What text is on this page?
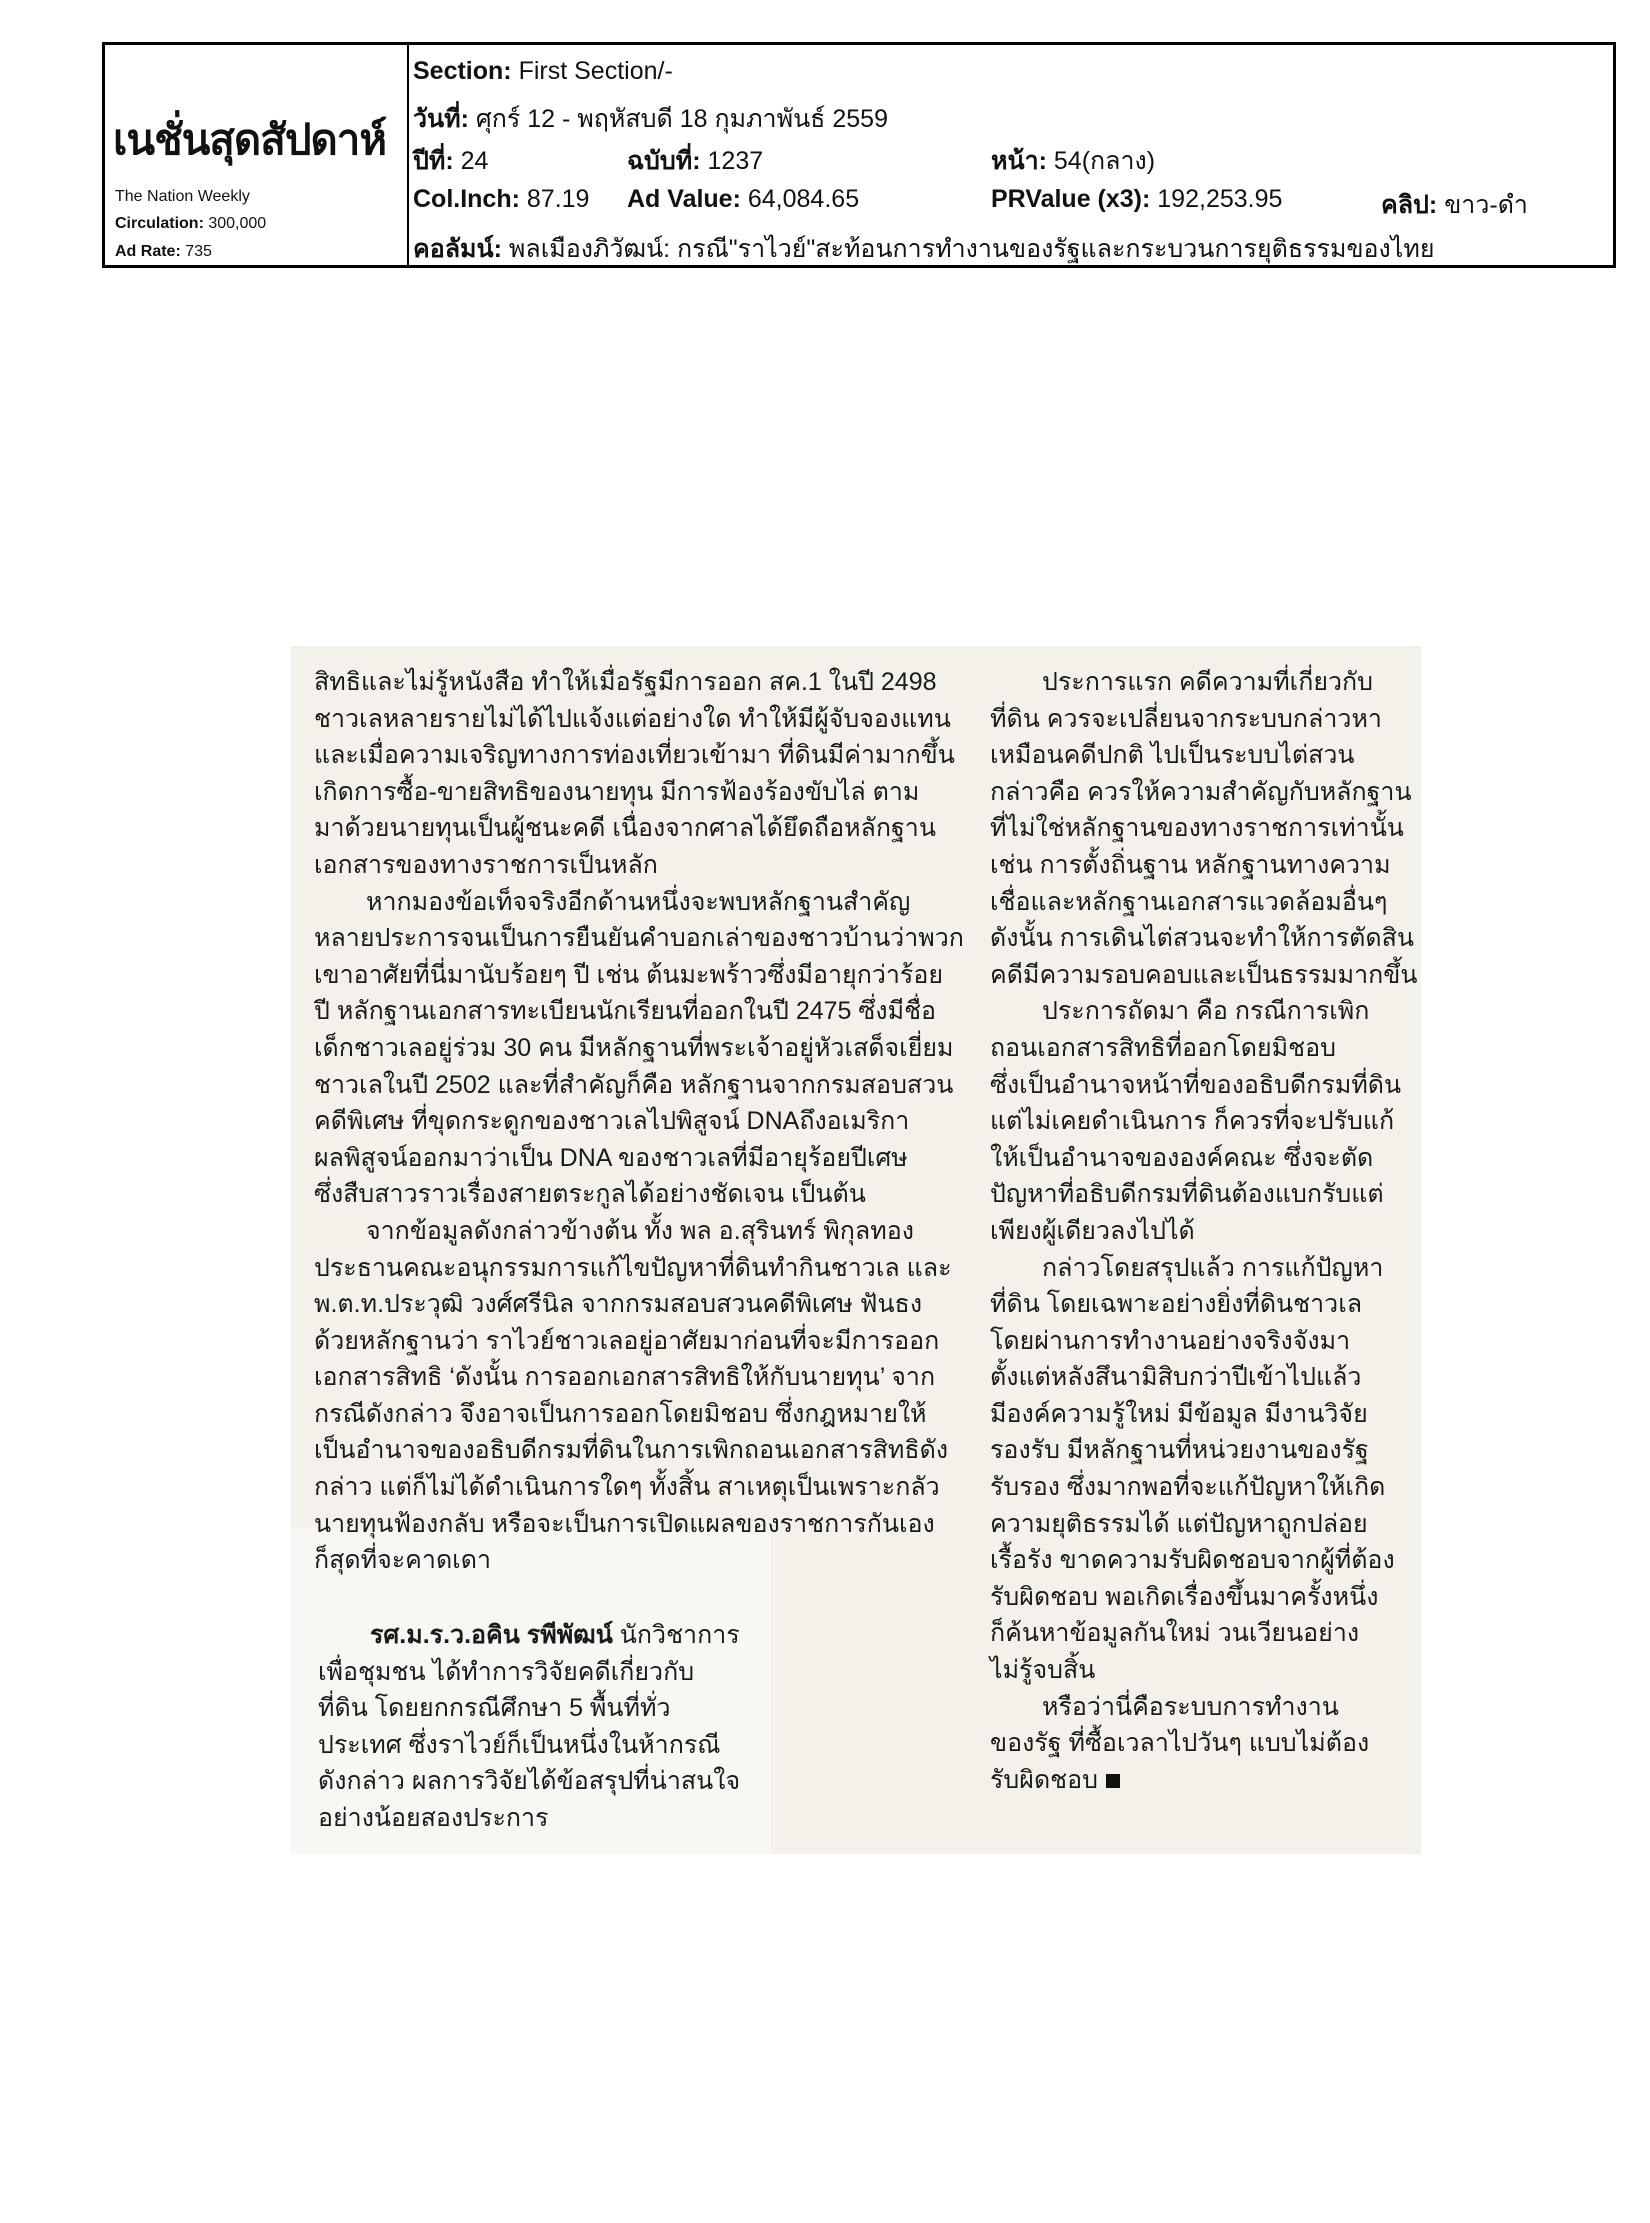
เนชั่นสุดสัปดาห์
The Nation Weekly
Circulation: 300,000
Ad Rate: 735
Section: First Section/-
วันที่: ศุกร์ 12 - พฤหัสบดี 18 กุมภาพันธ์ 2559
ปีที่: 24	ฉบับที่: 1237	หน้า: 54(กลาง)
Col.Inch: 87.19 Ad Value: 64,084.65	PRValue (x3): 192,253.95	คลิป: ขาว-ดำ
คอลัมน์: พลเมืองภิวัฒน์: กรณี"ราไวย์"สะท้อนการทำงานของรัฐและกระบวนการยุติธรรมของไทย
สิทธิและไม่รู้หนังสือ ทำให้เมื่อรัฐมีการออก สค.1 ในปี 2498
ชาวเลหลายรายไม่ได้ไปแจ้งแต่อย่างใด ทำให้มีผู้จับจองแทน
และเมื่อความเจริญทางการท่องเที่ยวเข้ามา ที่ดินมีค่ามากขึ้น
เกิดการซื้อ-ขายสิทธิของนายทุน มีการฟ้องร้องขับไล่ ตาม
มาด้วยนายทุนเป็นผู้ชนะคดี เนื่องจากศาลได้ยึดถือหลักฐาน
เอกสารของทางราชการเป็นหลัก
หากมองข้อเท็จจริงอีกด้านหนึ่งจะพบหลักฐานสำคัญ
หลายประการจนเป็นการยืนยันคำบอกเล่าของชาวบ้านว่าพวก
เขาอาศัยที่นี่มานับร้อยๆ ปี เช่น ต้นมะพร้าวซึ่งมีอายุกว่าร้อย
ปี หลักฐานเอกสารทะเบียนนักเรียนที่ออกในปี 2475 ซึ่งมีชื่อ
เด็กชาวเลอยู่ร่วม 30 คน มีหลักฐานที่พระเจ้าอยู่หัวเสด็จเยี่ยม
ชาวเลในปี 2502 และที่สำคัญก็คือ หลักฐานจากกรมสอบสวน
คดีพิเศษ ที่ขุดกระดูกของชาวเลไปพิสูจน์ DNAถึงอเมริกา
ผลพิสูจน์ออกมาว่าเป็น DNA ของชาวเลที่มีอายุร้อยปีเศษ
ซึ่งสืบสาวราวเรื่องสายตระกูลได้อย่างชัดเจน เป็นต้น
จากข้อมูลดังกล่าวข้างต้น ทั้ง พล อ.สุรินทร์ พิกุลทอง
ประธานคณะอนุกรรมการแก้ไขปัญหาที่ดินทำกินชาวเล และ
พ.ต.ท.ประวุฒิ วงศ์ศรีนิล จากกรมสอบสวนคดีพิเศษ ฟันธง
ด้วยหลักฐานว่า ราไวย์ชาวเลอยู่อาศัยมาก่อนที่จะมีการออก
เอกสารสิทธิ ‘ดังนั้น การออกเอกสารสิทธิให้กับนายทุน’ จาก
กรณีดังกล่าว จึงอาจเป็นการออกโดยมิชอบ ซึ่งกฎหมายให้
เป็นอำนาจของอธิบดีกรมที่ดินในการเพิกถอนเอกสารสิทธิดัง
กล่าว แต่ก็ไม่ได้ดำเนินการใดๆ ทั้งสิ้น สาเหตุเป็นเพราะกลัว
นายทุนฟ้องกลับ หรือจะเป็นการเปิดแผลของราชการกันเอง
ก็สุดที่จะคาดเดา
รศ.ม.ร.ว.อคิน รพีพัฒน์ นักวิชาการ
เพื่อชุมชน ได้ทำการวิจัยคดีเกี่ยวกับ
ที่ดิน โดยยกกรณีศึกษา 5 พื้นที่ทั่ว
ประเทศ ซึ่งราไวย์ก็เป็นหนึ่งในห้ากรณี
ดังกล่าว ผลการวิจัยได้ข้อสรุปที่น่าสนใจ
อย่างน้อยสองประการ
ประการแรก คดีความที่เกี่ยวกับ
ที่ดิน ควรจะเปลี่ยนจากระบบกล่าวหา
เหมือนคดีปกติ ไปเป็นระบบไต่สวน
กล่าวคือ ควรให้ความสำคัญกับหลักฐาน
ที่ไม่ใช่หลักฐานของทางราชการเท่านั้น
เช่น การตั้งถิ่นฐาน หลักฐานทางความ
เชื่อและหลักฐานเอกสารแวดล้อมอื่นๆ
ดังนั้น การเดินไต่สวนจะทำให้การตัดสิน
คดีมีความรอบคอบและเป็นธรรมมากขึ้น
ประการถัดมา คือ กรณีการเพิก
ถอนเอกสารสิทธิที่ออกโดยมิชอบ
ซึ่งเป็นอำนาจหน้าที่ของอธิบดีกรมที่ดิน
แต่ไม่เคยดำเนินการ ก็ควรที่จะปรับแก้
ให้เป็นอำนาจขององค์คณะ ซึ่งจะตัด
ปัญหาที่อธิบดีกรมที่ดินต้องแบกรับแต่
เพียงผู้เดียวลงไปได้
กล่าวโดยสรุปแล้ว การแก้ปัญหา
ที่ดิน โดยเฉพาะอย่างยิ่งที่ดินชาวเล
โดยผ่านการทำงานอย่างจริงจังมา
ตั้งแต่หลังสึนามิสิบกว่าปีเข้าไปแล้ว
มีองค์ความรู้ใหม่ มีข้อมูล มีงานวิจัย
รองรับ มีหลักฐานที่หน่วยงานของรัฐ
รับรอง ซึ่งมากพอที่จะแก้ปัญหาให้เกิด
ความยุติธรรมได้ แต่ปัญหาถูกปล่อย
เรื้อรัง ขาดความรับผิดชอบจากผู้ที่ต้อง
รับผิดชอบ พอเกิดเรื่องขึ้นมาครั้งหนึ่ง
ก็ค้นหาข้อมูลกันใหม่ วนเวียนอย่าง
ไม่รู้จบสิ้น
หรือว่านี่คือระบบการทำงาน
ของรัฐ ที่ซื้อเวลาไปวันๆ แบบไม่ต้อง
รับผิดชอบ
